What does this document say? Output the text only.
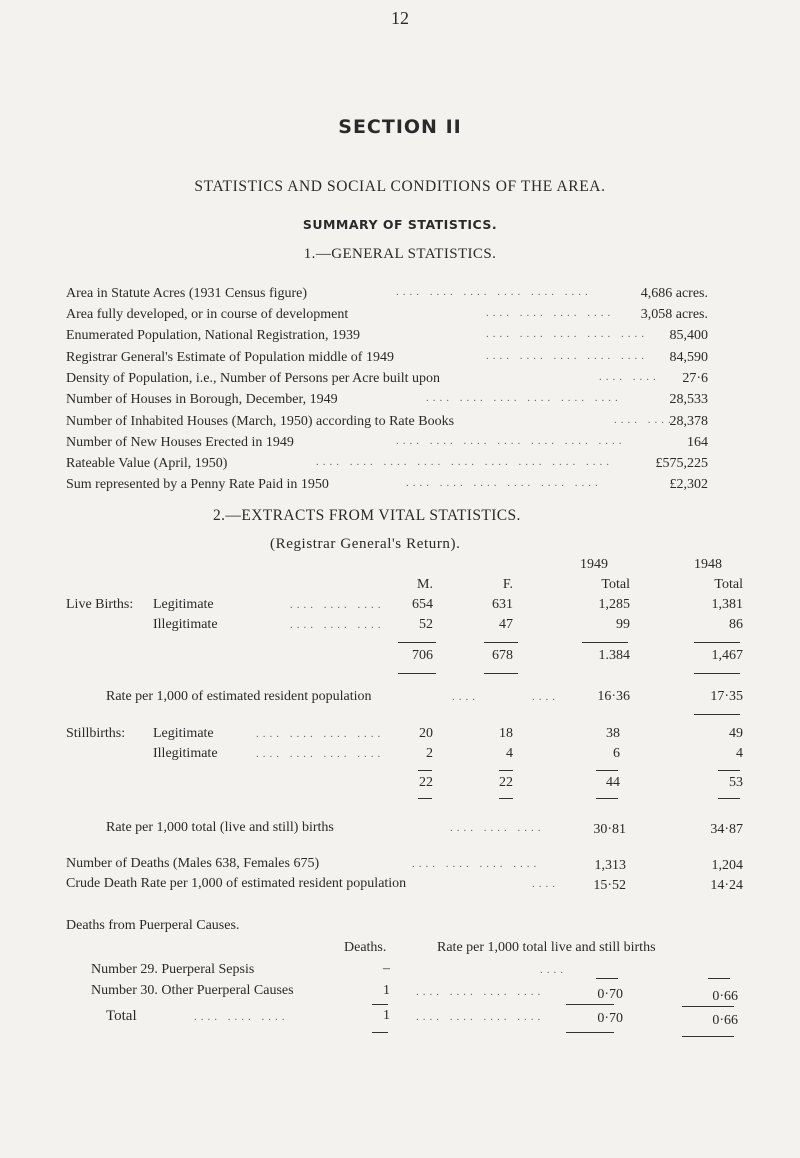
12
SECTION II
STATISTICS AND SOCIAL CONDITIONS OF THE AREA.
SUMMARY OF STATISTICS.
1.—GENERAL STATISTICS.
Area in Statute Acres (1931 Census figure)	.... .... .... .... .... ....	4,686 acres.
Area fully developed, or in course of development	.... .... .... .... 3,058 acres.
Enumerated Population, National Registration, 1939	.... .... .... .... .... 85,400
Registrar General's Estimate of Population middle of 1949	.... .... .... .... .... 84,590
Density of Population, i.e., Number of Persons per Acre built upon	.... .... 27·6
Number of Houses in Borough, December, 1949	.... .... .... .... .... ....	28,533
Number of Inhabited Houses (March, 1950) according to Rate Books	.... ....
28,378
Number of New Houses Erected in 1949	.... .... .... .... .... .... ....	164
Rateable Value (April, 1950)	.... .... .... .... .... .... .... .... ....	£575,225
Sum represented by a Penny Rate Paid in 1950	.... .... .... .... .... ....	£2,302
2.—EXTRACTS FROM VITAL STATISTICS.
(Registrar General's Return).
1949	1948
M.	F.	Total	Total
Live Births: Legitimate	.... .... ....	654	631	1,285	1,381
Illegitimate	.... .... ....	52	47	99	86
706	678	1.384	1,467
Rate per 1,000 of estimated resident population	....	....	16·36	17·35
Stillbirths: Legitimate	.... .... .... ....	20	18	38	49
Illegitimate	.... .... .... ....	2	4	6	4
22	22	44	53
Rate per 1,000 total (live and still) births	.... .... ....	30·81	34·87
Number of Deaths (Males 638, Females 675)	.... .... .... ....	1,313	1,204
Crude Death Rate per 1,000 of estimated resident population	....	15·52	14·24
Deaths from Puerperal Causes.
Deaths.	Rate per 1,000 total live and still births
Number 29. Puerperal Sepsis	–	....
Number 30. Other Puerperal Causes	1 .... .... .... ....	0·70	0·66
Total	.... .... ....	1 .... .... .... ....	0·70	0·66
